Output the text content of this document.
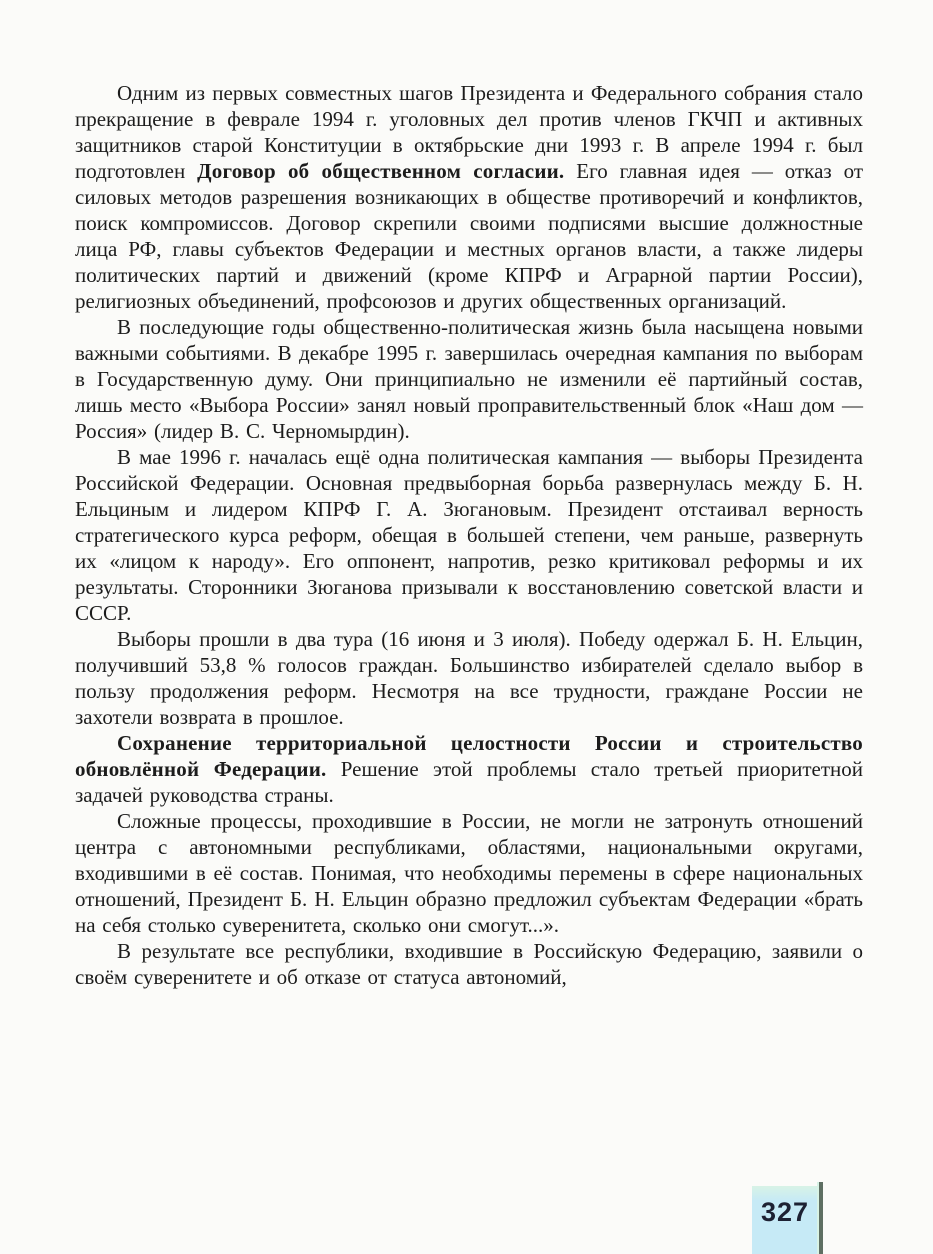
Одним из первых совместных шагов Президента и Федерального собрания стало прекращение в феврале 1994 г. уголовных дел против членов ГКЧП и активных защитников старой Конституции в октябрьские дни 1993 г. В апреле 1994 г. был подготовлен Договор об общественном согласии. Его главная идея — отказ от силовых методов разрешения возникающих в обществе противоречий и конфликтов, поиск компромиссов. Договор скрепили своими подписями высшие должностные лица РФ, главы субъектов Федерации и местных органов власти, а также лидеры политических партий и движений (кроме КПРФ и Аграрной партии России), религиозных объединений, профсоюзов и других общественных организаций.

В последующие годы общественно-политическая жизнь была насыщена новыми важными событиями. В декабре 1995 г. завершилась очередная кампания по выборам в Государственную думу. Они принципиально не изменили её партийный состав, лишь место «Выбора России» занял новый проправительственный блок «Наш дом — Россия» (лидер В. С. Черномырдин).

В мае 1996 г. началась ещё одна политическая кампания — выборы Президента Российской Федерации. Основная предвыборная борьба развернулась между Б. Н. Ельциным и лидером КПРФ Г. А. Зюгановым. Президент отстаивал верность стратегического курса реформ, обещая в большей степени, чем раньше, развернуть их «лицом к народу». Его оппонент, напротив, резко критиковал реформы и их результаты. Сторонники Зюганова призывали к восстановлению советской власти и СССР.

Выборы прошли в два тура (16 июня и 3 июля). Победу одержал Б. Н. Ельцин, получивший 53,8 % голосов граждан. Большинство избирателей сделало выбор в пользу продолжения реформ. Несмотря на все трудности, граждане России не захотели возврата в прошлое.

Сохранение территориальной целостности России и строительство обновлённой Федерации. Решение этой проблемы стало третьей приоритетной задачей руководства страны.

Сложные процессы, проходившие в России, не могли не затронуть отношений центра с автономными республиками, областями, национальными округами, входившими в её состав. Понимая, что необходимы перемены в сфере национальных отношений, Президент Б. Н. Ельцин образно предложил субъектам Федерации «брать на себя столько суверенитета, сколько они смогут...».

В результате все республики, входившие в Российскую Федерацию, заявили о своём суверенитете и об отказе от статуса автономий,

327
